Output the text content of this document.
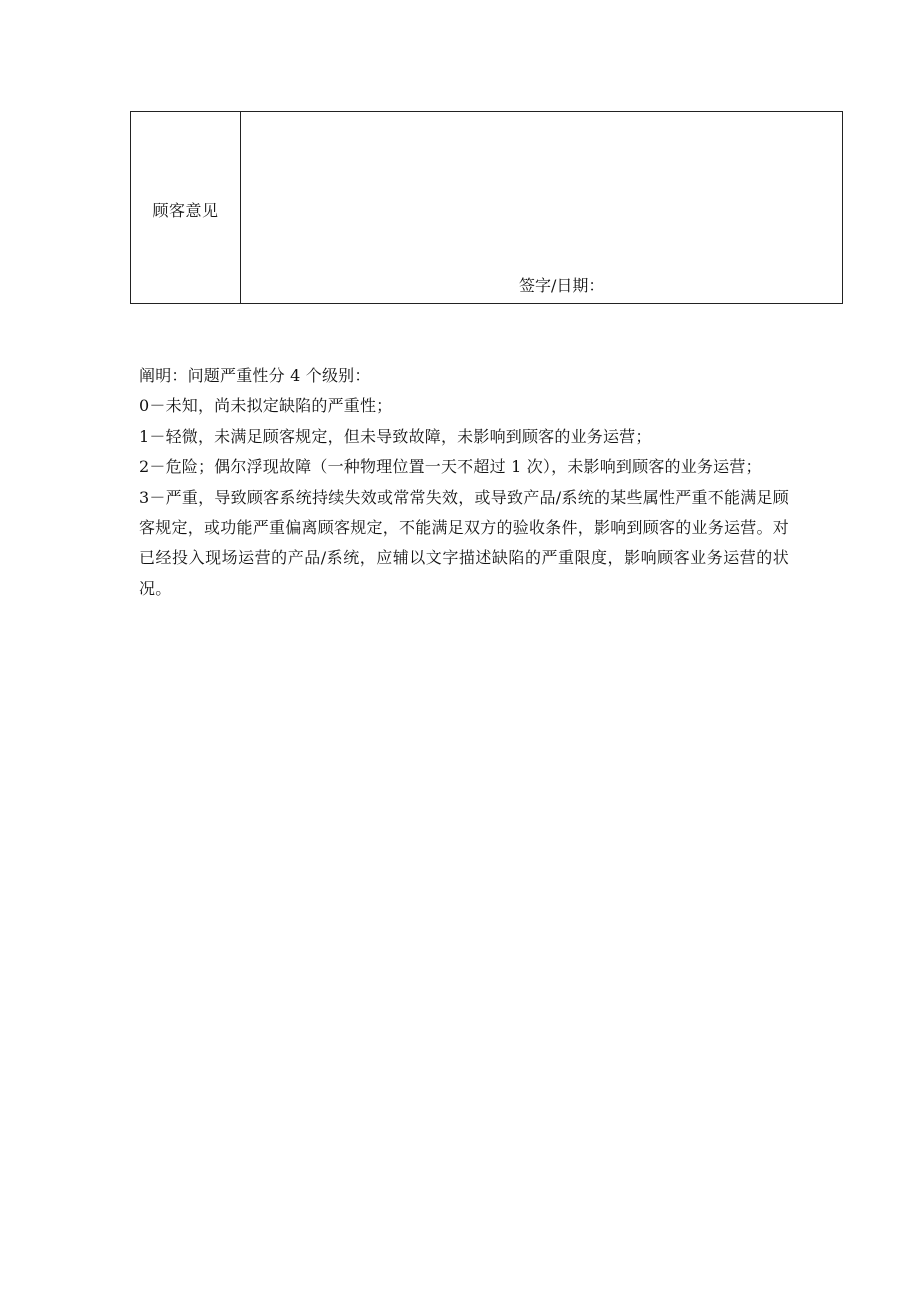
顾客意见
签字/日期：

阐明：问题严重性分 4 个级别：

0－未知，尚未拟定缺陷的严重性；

1－轻微，未满足顾客规定，但未导致故障，未影响到顾客的业务运营；

2－危险；偶尔浮现故障（一种物理位置一天不超过 1 次），未影响到顾客的业务运营；

3－严重，导致顾客系统持续失效或常常失效，或导致产品/系统的某些属性严重不能满足顾客规定，或功能严重偏离顾客规定，不能满足双方的验收条件，影响到顾客的业务运营。对已经投入现场运营的产品/系统，应辅以文字描述缺陷的严重限度，影响顾客业务运营的状况。
